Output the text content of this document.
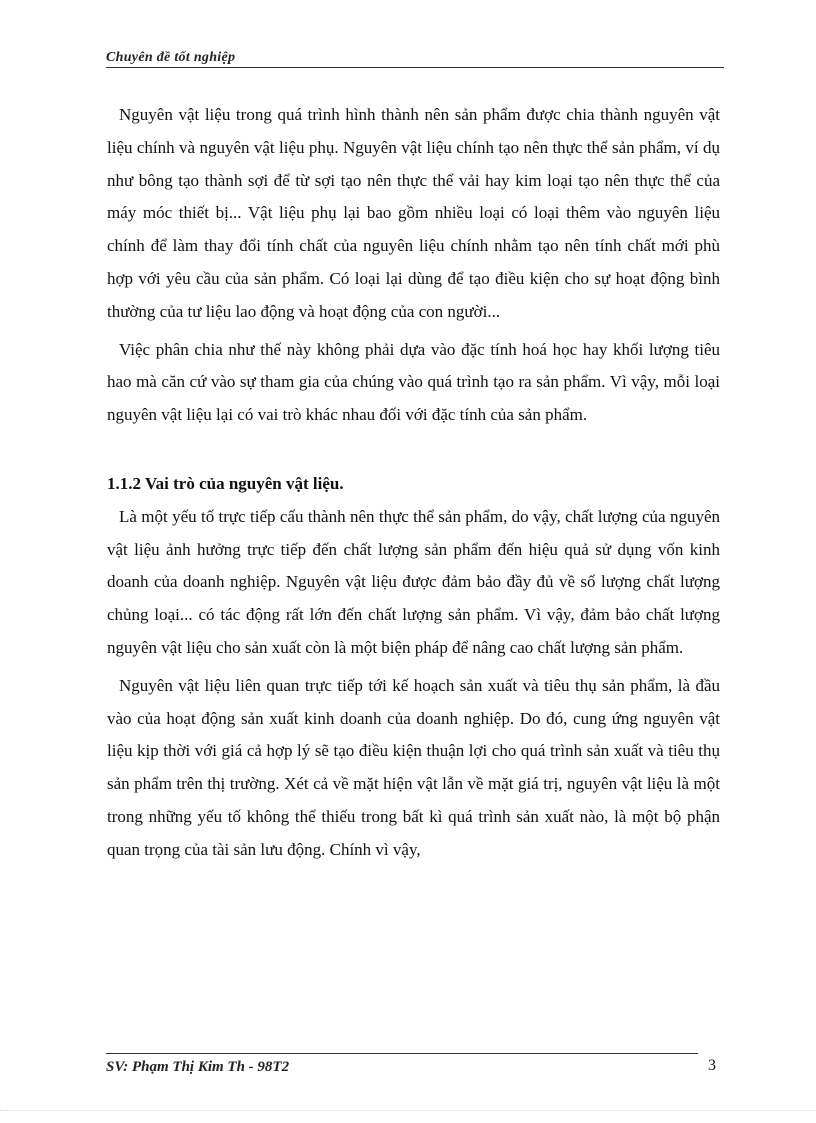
Chuyên đề tốt nghiệp

Nguyên vật liệu trong quá trình hình thành nên sản phẩm được chia thành nguyên vật liệu chính và nguyên vật liệu phụ. Nguyên vật liệu chính tạo nên thực thể sản phẩm, ví dụ như bông tạo thành sợi để từ sợi tạo nên thực thể vải hay kim loại tạo nên thực thể của máy móc thiết bị... Vật liệu phụ lại bao gồm nhiều loại có loại thêm vào nguyên liệu chính để làm thay đổi tính chất của nguyên liệu chính nhằm tạo nên tính chất mới phù hợp với yêu cầu của sản phẩm. Có loại lại dùng để tạo điều kiện cho sự hoạt động bình thường của tư liệu lao động và hoạt động của con người...

Việc phân chia như thế này không phải dựa vào đặc tính hoá học hay khối lượng tiêu hao mà căn cứ vào sự tham gia của chúng vào quá trình tạo ra sản phẩm. Vì vậy, mỗi loại nguyên vật liệu lại có vai trò khác nhau đối với đặc tính của sản phẩm.

1.1.2 Vai trò của nguyên vật liệu.

Là một yếu tố trực tiếp cấu thành nên thực thể sản phẩm, do vậy, chất lượng của nguyên vật liệu ảnh hưởng trực tiếp đến chất lượng sản phẩm đến hiệu quả sử dụng vốn kinh doanh của doanh nghiệp. Nguyên vật liệu được đảm bảo đầy đủ về số lượng chất lượng chủng loại... có tác động rất lớn đến chất lượng sản phẩm. Vì vậy, đảm bảo chất lượng nguyên vật liệu cho sản xuất còn là một biện pháp để nâng cao chất lượng sản phẩm.

Nguyên vật liệu liên quan trực tiếp tới kế hoạch sản xuất và tiêu thụ sản phẩm, là đầu vào của hoạt động sản xuất kinh doanh của doanh nghiệp. Do đó, cung ứng nguyên vật liệu kịp thời với giá cả hợp lý sẽ tạo điều kiện thuận lợi cho quá trình sản xuất và tiêu thụ sản phẩm trên thị trường. Xét cả về mặt hiện vật lẫn về mặt giá trị, nguyên vật liệu là một trong những yếu tố không thể thiếu trong bất kì quá trình sản xuất nào, là một bộ phận quan trọng của tài sản lưu động. Chính vì vậy,

SV: Phạm Thị Kim Th - 98T2	3
